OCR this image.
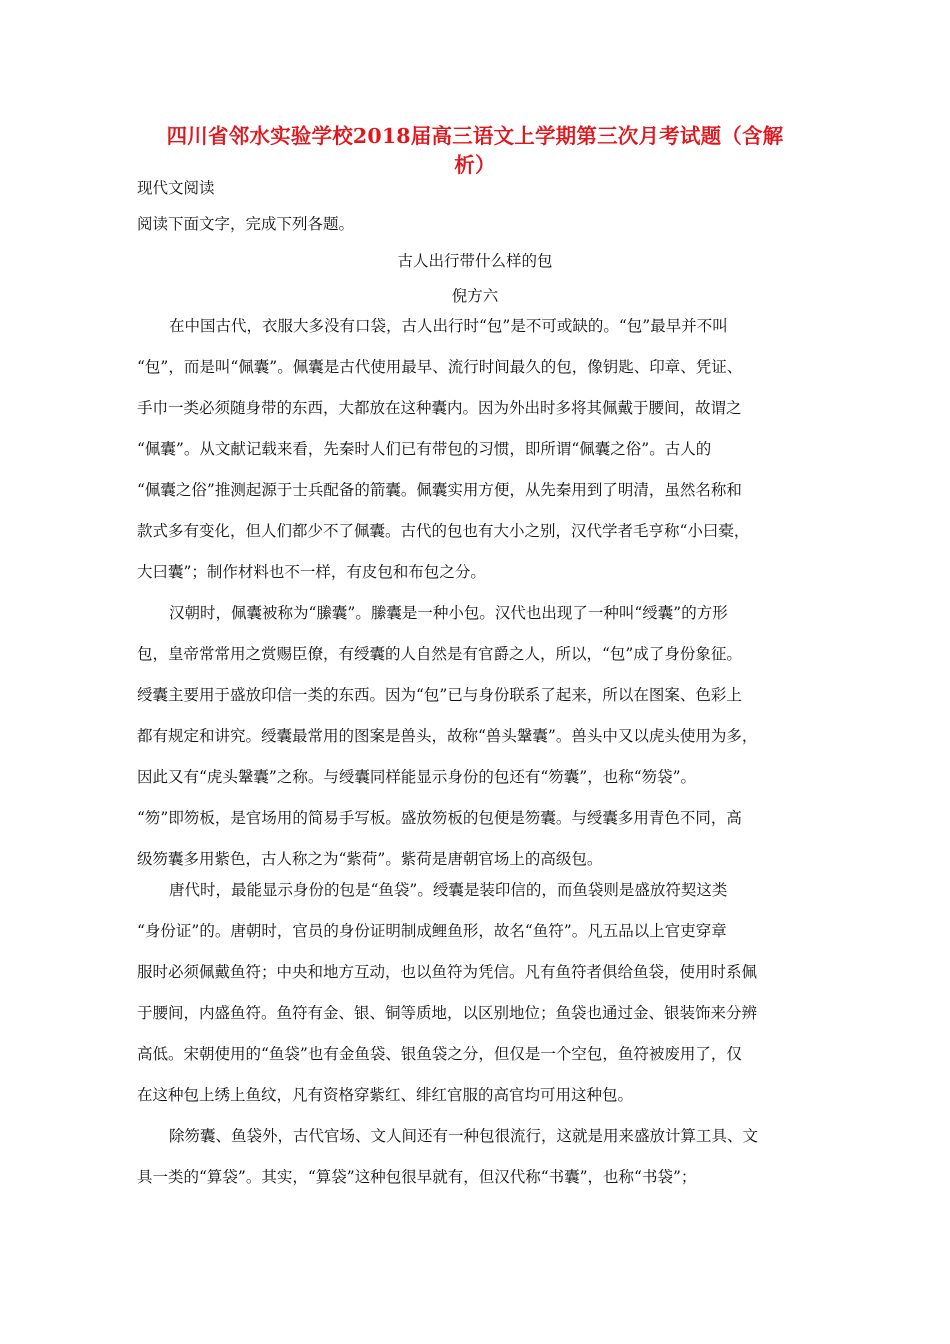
四川省邻水实验学校2018届高三语文上学期第三次月考试题（含解
析）
现代文阅读
阅读下面文字，完成下列各题。
古人出行带什么样的包
倪方六
在中国古代，衣服大多没有口袋，古人出行时“包”是不可或缺的。“包”最早并不叫
“包”，而是叫“佩囊”。佩囊是古代使用最早、流行时间最久的包，像钥匙、印章、凭证、
手巾一类必须随身带的东西，大都放在这种囊内。因为外出时多将其佩戴于腰间，故谓之
“佩囊”。从文献记载来看，先秦时人们已有带包的习惯，即所谓“佩囊之俗”。古人的
“佩囊之俗”推测起源于士兵配备的箭囊。佩囊实用方便，从先秦用到了明清，虽然名称和
款式多有变化，但人们都少不了佩囊。古代的包也有大小之别，汉代学者毛亨称“小曰橐，
大曰囊”；制作材料也不一样，有皮包和布包之分。
汉朝时，佩囊被称为“縢囊”。縢囊是一种小包。汉代也出现了一种叫“绶囊”的方形
包，皇帝常常用之赏赐臣僚，有绶囊的人自然是有官爵之人，所以，“包”成了身份象征。
绶囊主要用于盛放印信一类的东西。因为“包”已与身份联系了起来，所以在图案、色彩上
都有规定和讲究。绶囊最常用的图案是兽头，故称“兽头鞶囊”。兽头中又以虎头使用为多，
因此又有“虎头鞶囊”之称。与绶囊同样能显示身份的包还有“笏囊”，也称“笏袋”。
“笏”即笏板，是官场用的简易手写板。盛放笏板的包便是笏囊。与绶囊多用青色不同，高
级笏囊多用紫色，古人称之为“紫荷”。紫荷是唐朝官场上的高级包。
唐代时，最能显示身份的包是“鱼袋”。绶囊是装印信的，而鱼袋则是盛放符契这类
“身份证”的。唐朝时，官员的身份证明制成鲤鱼形，故名“鱼符”。凡五品以上官吏穿章
服时必须佩戴鱼符；中央和地方互动，也以鱼符为凭信。凡有鱼符者俱给鱼袋，使用时系佩
于腰间，内盛鱼符。鱼符有金、银、铜等质地，以区别地位；鱼袋也通过金、银装饰来分辨
高低。宋朝使用的“鱼袋”也有金鱼袋、银鱼袋之分，但仅是一个空包，鱼符被废用了，仅
在这种包上绣上鱼纹，凡有资格穿紫红、绯红官服的高官均可用这种包。
除笏囊、鱼袋外，古代官场、文人间还有一种包很流行，这就是用来盛放计算工具、文
具一类的“算袋”。其实，“算袋”这种包很早就有，但汉代称“书囊”，也称“书袋”；
